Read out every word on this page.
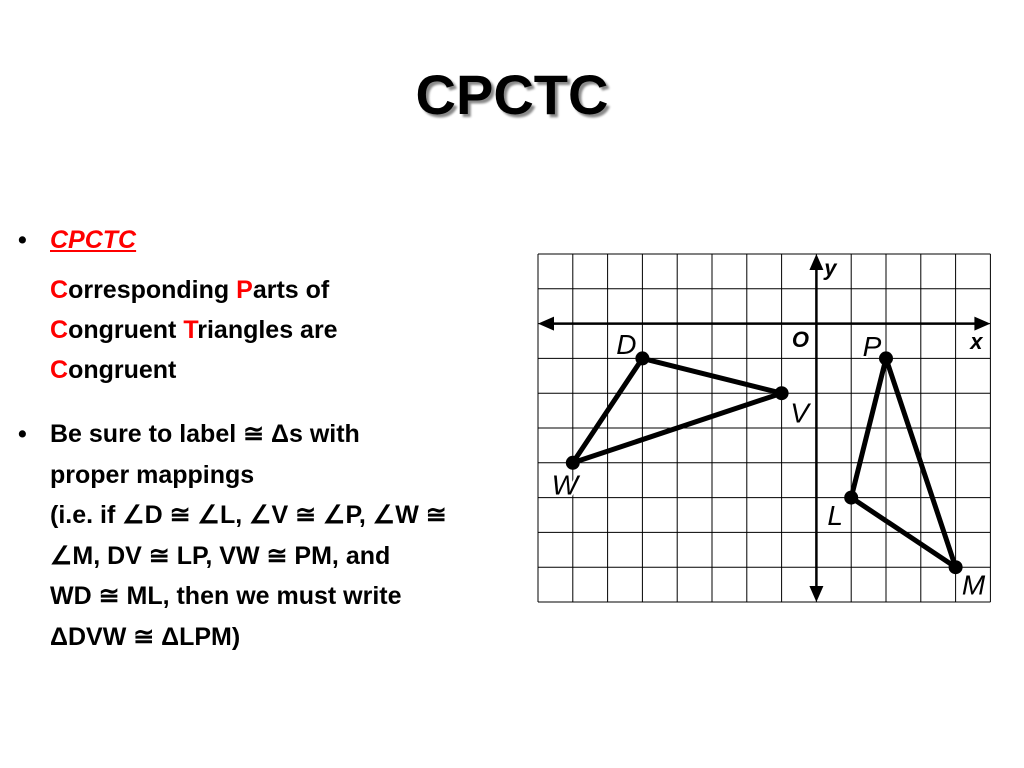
CPCTC
• CPCTC
Corresponding Parts of
Congruent Triangles are
Congruent
• Be sure to label ≅ Δs with
proper mappings
(i.e. if ∠D ≅ ∠L, ∠V ≅ ∠P, ∠W ≅
∠M, DV ≅ LP, VW ≅ PM, and
WD ≅ ML, then we must write
ΔDVW ≅ ΔLPM)
y
x
O
D
V
W
P
L
M
